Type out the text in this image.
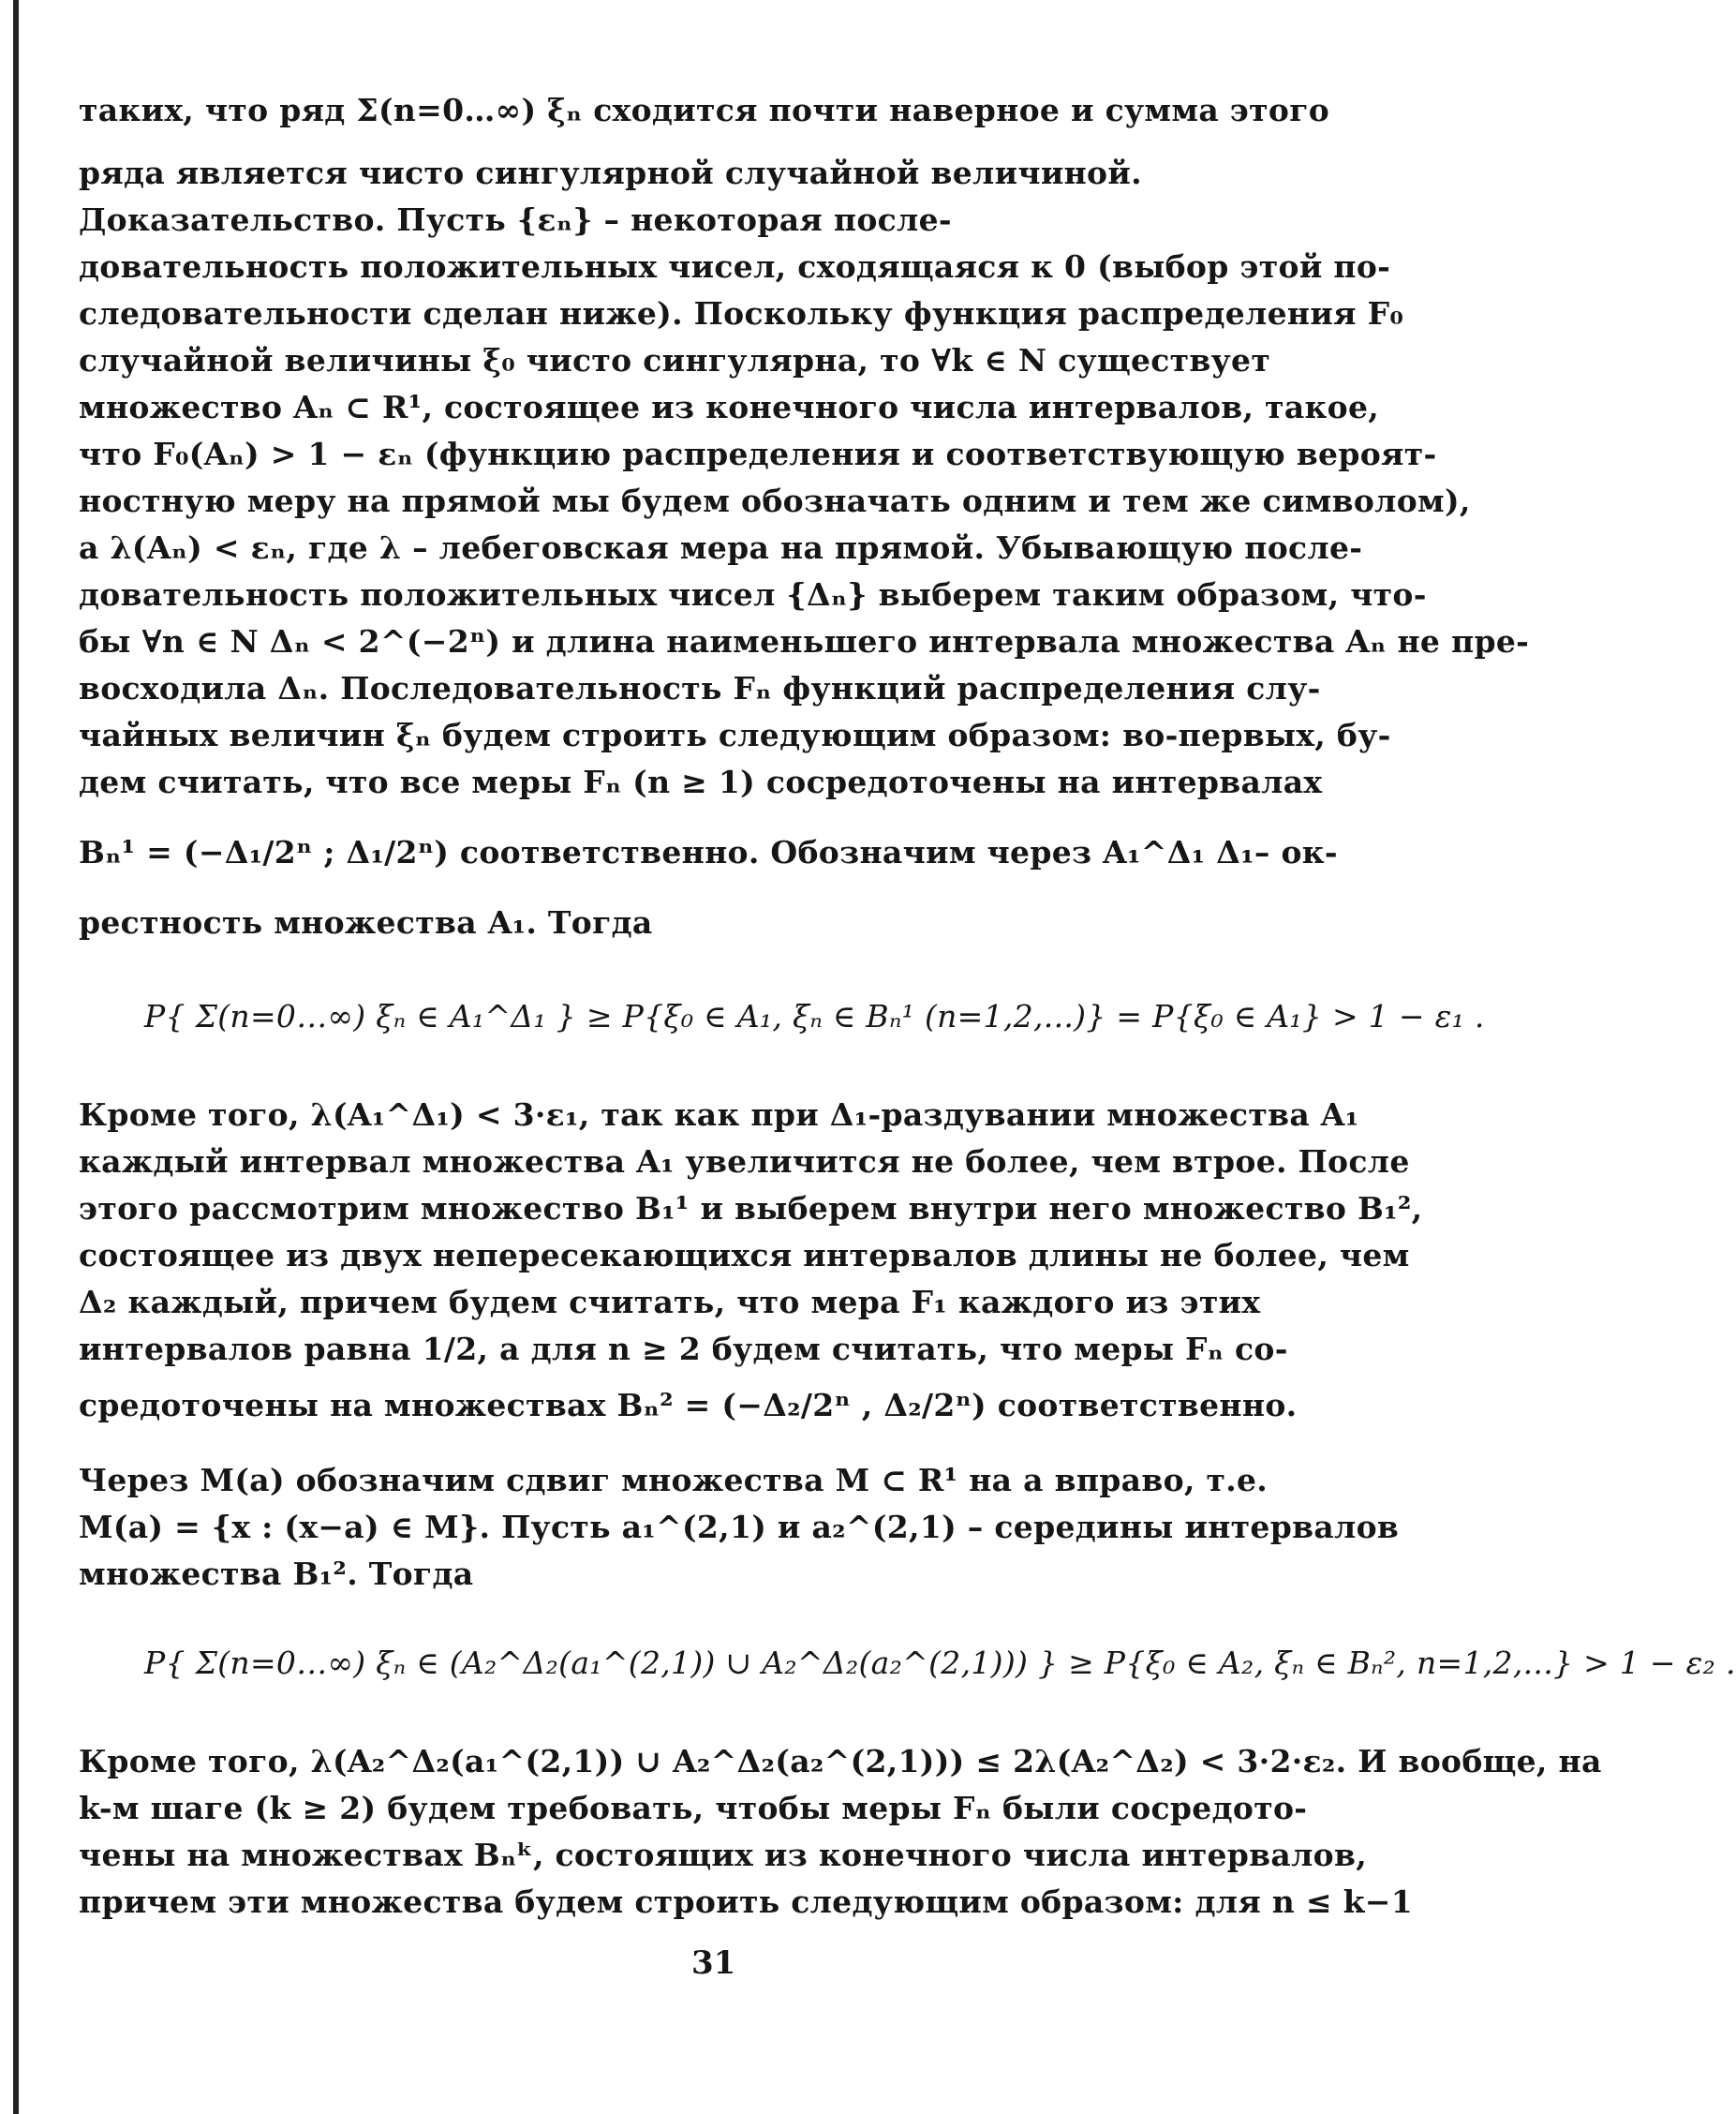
таких, что ряд Σ(n=0…∞) ξₙ сходится почти наверное и сумма этого
ряда является чисто сингулярной случайной величиной.
Доказательство. Пусть {εₙ} – некоторая после-
довательность положительных чисел, сходящаяся к 0 (выбор этой по-
следовательности сделан ниже). Поскольку функция распределения F₀
случайной величины ξ₀ чисто сингулярна, то ∀k ∈ N существует
множество Aₙ ⊂ R¹, состоящее из конечного числа интервалов, такое,
что F₀(Aₙ) > 1 − εₙ (функцию распределения и соответствующую вероят-
ностную меру на прямой мы будем обозначать одним и тем же символом),
а λ(Aₙ) < εₙ, где λ – лебеговская мера на прямой. Убывающую после-
довательность положительных чисел {Δₙ} выберем таким образом, что-
бы ∀n ∈ N Δₙ < 2^(−2ⁿ) и длина наименьшего интервала множества Aₙ не пре-
восходила Δₙ. Последовательность Fₙ функций распределения слу-
чайных величин ξₙ будем строить следующим образом: во-первых, бу-
дем считать, что все меры Fₙ (n ≥ 1) сосредоточены на интервалах
Bₙ¹ = (−Δ₁/2ⁿ ; Δ₁/2ⁿ) соответственно. Обозначим через A₁^Δ₁ Δ₁– ок-
рестность множества A₁. Тогда
P{ Σ(n=0…∞) ξₙ ∈ A₁^Δ₁ } ≥ P{ξ₀ ∈ A₁, ξₙ ∈ Bₙ¹ (n=1,2,...)} = P{ξ₀ ∈ A₁} > 1 − ε₁ .
Кроме того, λ(A₁^Δ₁) < 3·ε₁, так как при Δ₁-раздувании множества A₁
каждый интервал множества A₁ увеличится не более, чем втрое. После
этого рассмотрим множество B₁¹ и выберем внутри него множество B₁²,
состоящее из двух непересекающихся интервалов длины не более, чем
Δ₂ каждый, причем будем считать, что мера F₁ каждого из этих
интервалов равна 1/2, а для n ≥ 2 будем считать, что меры Fₙ со-
средоточены на множествах Bₙ² = (−Δ₂/2ⁿ , Δ₂/2ⁿ) соответственно.
Через M(a) обозначим сдвиг множества M ⊂ R¹ на a вправо, т.е.
M(a) = {x : (x−a) ∈ M}. Пусть a₁^(2,1) и a₂^(2,1) – середины интервалов
множества B₁². Тогда
P{ Σ(n=0…∞) ξₙ ∈ (A₂^Δ₂(a₁^(2,1)) ∪ A₂^Δ₂(a₂^(2,1))) } ≥ P{ξ₀ ∈ A₂, ξₙ ∈ Bₙ², n=1,2,...} > 1 − ε₂ .
Кроме того, λ(A₂^Δ₂(a₁^(2,1)) ∪ A₂^Δ₂(a₂^(2,1))) ≤ 2λ(A₂^Δ₂) < 3·2·ε₂. И вообще, на
k-м шаге (k ≥ 2) будем требовать, чтобы меры Fₙ были сосредото-
чены на множествах Bₙᵏ, состоящих из конечного числа интервалов,
причем эти множества будем строить следующим образом: для n ≤ k−1
31
